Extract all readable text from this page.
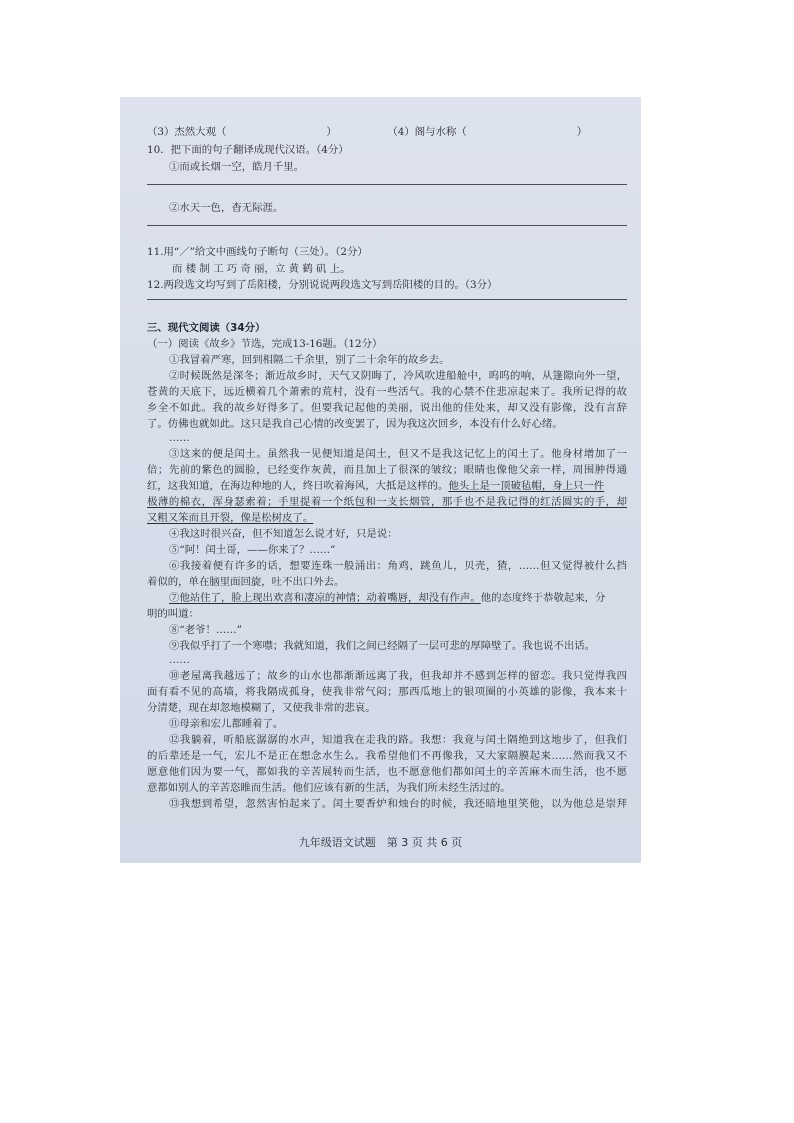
（3）杰然大观（	）	（4）阁与水称（	）
10．把下面的句子翻译成现代汉语。（4分）
①而或长烟一空，皓月千里。
②水天一色，杳无际涯。
11.用“／”给文中画线句子断句（三处）。（2分）
而 楼 制 工 巧 奇 丽，立 黄 鹤 矶 上。
12.两段选文均写到了岳阳楼，分别说说两段选文写到岳阳楼的目的。（3分）
三、现代文阅读（34分）
（一）阅读《故乡》节选，完成13-16题。（12分）
①我冒着严寒，回到相隔二千余里，别了二十余年的故乡去。
②时候既然是深冬；渐近故乡时，天气又阴晦了，冷风吹进船舱中，呜呜的响，从篷隙向外一望，
苍黄的天底下，远近横着几个萧索的荒村，没有一些活气。我的心禁不住悲凉起来了。我所记得的故
乡全不如此。我的故乡好得多了。但要我记起他的美丽，说出他的佳处来，却又没有影像，没有言辞
了。仿佛也就如此。这只是我自己心情的改变罢了，因为我这次回乡，本没有什么好心绪。
……
③这来的便是闰土。虽然我一见便知道是闰土，但又不是我这记忆上的闰土了。他身材增加了一
倍；先前的紫色的圆脸，已经变作灰黄，而且加上了很深的皱纹；眼睛也像他父亲一样，周围肿得通
红，这我知道，在海边种地的人，终日吹着海风，大抵是这样的。他头上是一顶破毡帽，身上只一件
极薄的棉衣，浑身瑟索着；手里提着一个纸包和一支长烟管，那手也不是我记得的红活圆实的手，却
又粗又笨而且开裂，像是松树皮了。
④我这时很兴奋，但不知道怎么说才好，只是说：
⑤“阿！闰土哥，——你来了？……”
⑥我接着便有许多的话，想要连珠一般涌出：角鸡，跳鱼儿，贝壳，猹，……但又觉得被什么挡
着似的，单在脑里面回旋，吐不出口外去。
⑦他站住了，脸上现出欢喜和凄凉的神情；动着嘴唇，却没有作声。他的态度终于恭敬起来，分
明的叫道：
⑧“老爷！……”
⑨我似乎打了一个寒噤；我就知道，我们之间已经隔了一层可悲的厚障壁了。我也说不出话。
……
⑩老屋离我越远了；故乡的山水也都渐渐远离了我，但我却并不感到怎样的留恋。我只觉得我四
面有看不见的高墙，将我隔成孤身，使我非常气闷；那西瓜地上的银项圈的小英雄的影像，我本来十
分清楚，现在却忽地模糊了，又使我非常的悲哀。
⑪母亲和宏儿都睡着了。
⑫我躺着，听船底潺潺的水声，知道我在走我的路。我想：我竟与闰土隔绝到这地步了，但我们
的后辈还是一气，宏儿不是正在想念水生么。我希望他们不再像我，又大家隔膜起来……然而我又不
愿意他们因为要一气，都如我的辛苦展转而生活，也不愿意他们都如闰土的辛苦麻木而生活，也不愿
意都如别人的辛苦恣睢而生活。他们应该有新的生活，为我们所未经生活过的。
⑬我想到希望，忽然害怕起来了。闰土要香炉和烛台的时候，我还暗地里笑他，以为他总是崇拜
九年级语文试题　第 3 页 共 6 页
